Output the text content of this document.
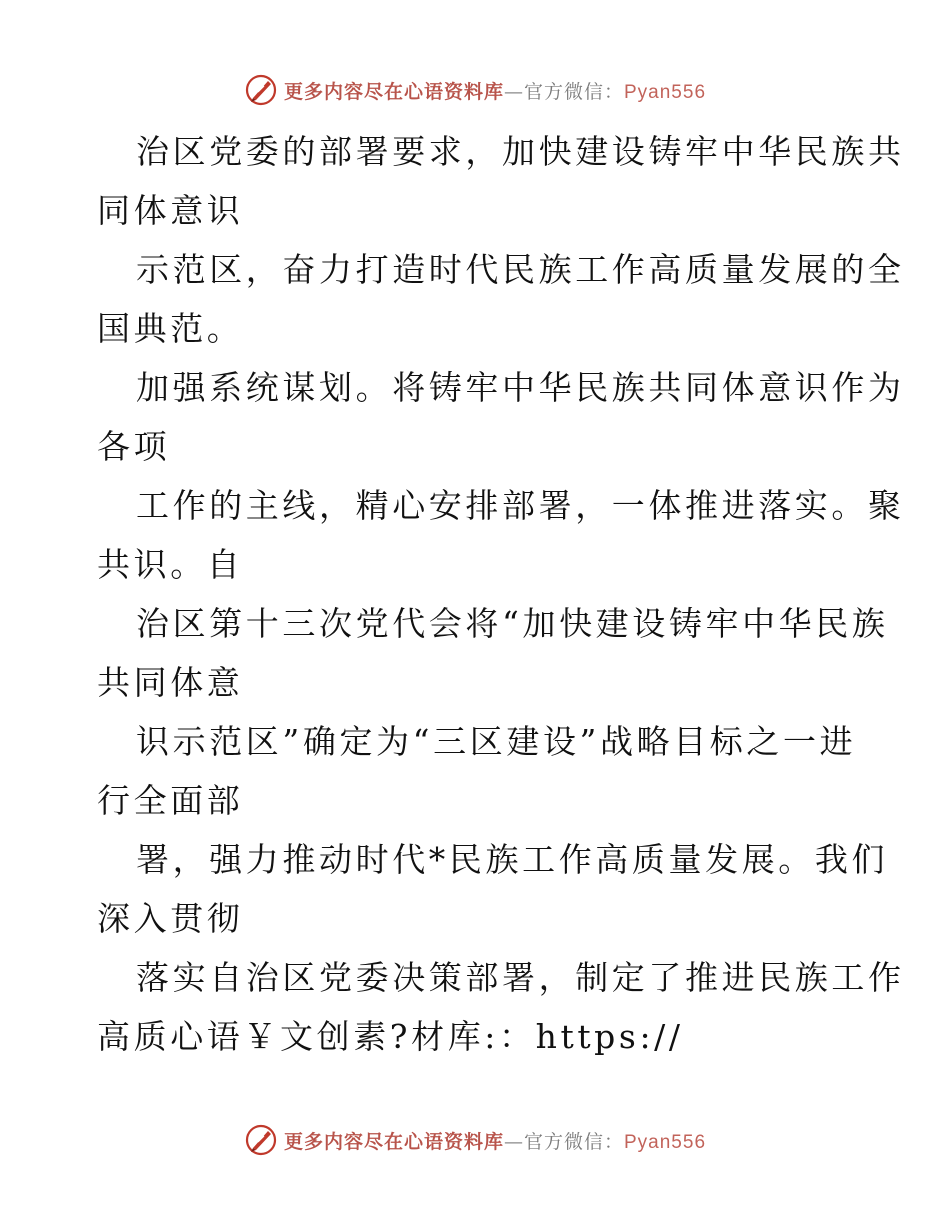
更多内容尽在心语资料库—官方微信：Pyan556

治区党委的部署要求，加快建设铸牢中华民族共
同体意识

示范区，奋力打造时代民族工作高质量发展的全
国典范。

加强系统谋划。将铸牢中华民族共同体意识作为
各项

工作的主线，精心安排部署，一体推进落实。聚
共识。自

治区第十三次党代会将“加快建设铸牢中华民族
共同体意

识示范区”确定为“三区建设”战略目标之一进
行全面部

署，强力推动时代*民族工作高质量发展。我们
深入贯彻

落实自治区党委决策部署，制定了推进民族工作
高质心语￥文创素?材库:：https://

更多内容尽在心语资料库—官方微信：Pyan556
